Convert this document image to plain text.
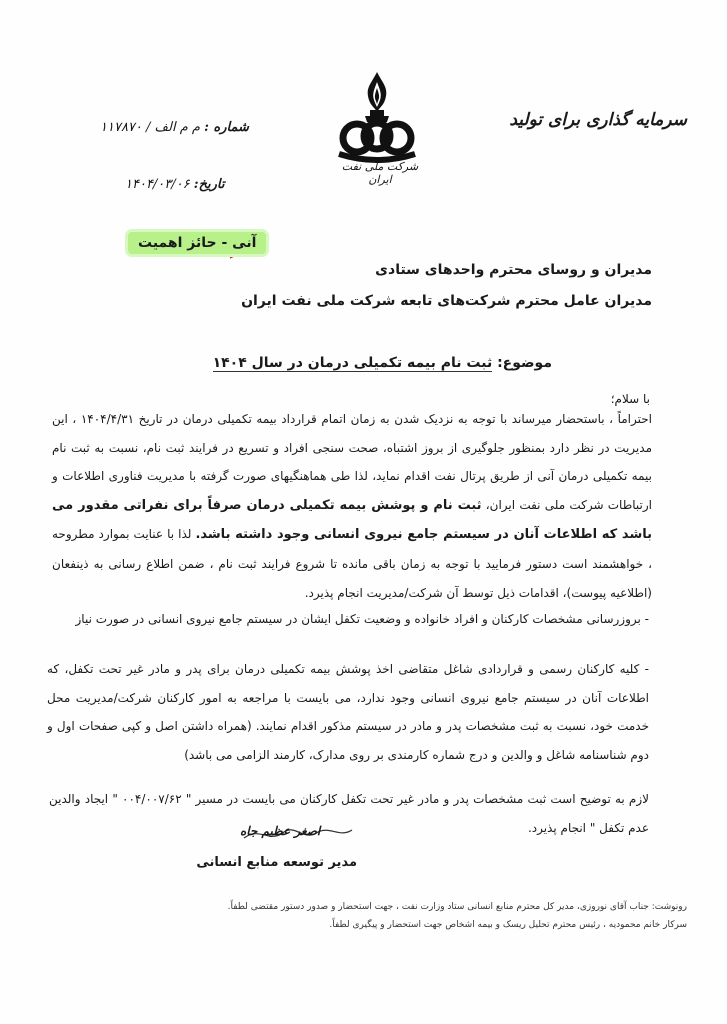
سرمایه گذاری برای تولید
شرکت ملی نفت ایران
شماره : م م الف / ۱۱۷۸۷۰
تاریخ: ۱۴۰۴/۰۳/۰۶
آنی - حائز اهمیت
مدیران و روسای محترم واحدهای ستادی
مدیران عامل محترم شرکت‌های تابعه شرکت ملی نفت ایران
موضوع: ثبت نام بیمه تکمیلی درمان در سال ۱۴۰۴
با سلام؛
احتراماً ، باستحضار میرساند با توجه به نزدیک شدن به زمان اتمام قرارداد بیمه تکمیلی درمان در تاریخ ۱۴۰۴/۴/۳۱ ، این مدیریت در نظر دارد بمنظور جلوگیری از بروز اشتباه، صحت سنجی افراد و تسریع در فرایند ثبت نام، نسبت به ثبت نام بیمه تکمیلی درمان آنی از طریق پرتال نفت اقدام نماید، لذا طی هماهنگیهای صورت گرفته با مدیریت فناوری اطلاعات و ارتباطات شرکت ملی نفت ایران، ثبت نام و پوشش بیمه تکمیلی درمان صرفاً برای نفراتی مقدور می باشد که اطلاعات آنان در سیستم جامع نیروی انسانی وجود داشته باشد. لذا با عنایت بموارد مطروحه ، خواهشمند است دستور فرمایید با توجه به زمان باقی مانده تا شروع فرایند ثبت نام ، ضمن اطلاع رسانی به ذینفعان (اطلاعیه پیوست)، اقدامات ذیل توسط آن شرکت/مدیریت انجام پذیرد.
- بروزرسانی مشخصات کارکنان و افراد خانواده و وضعیت تکفل ایشان در سیستم جامع نیروی انسانی در صورت نیاز
- کلیه کارکنان رسمی و قراردادی شاغل متقاضی اخذ پوشش بیمه تکمیلی درمان برای پدر و مادر غیر تحت تکفل، که اطلاعات آنان در سیستم جامع نیروی انسانی وجود ندارد، می بایست با مراجعه به امور کارکنان شرکت/مدیریت محل خدمت خود، نسبت به ثبت مشخصات پدر و مادر در سیستم مذکور اقدام نمایند. (همراه داشتن اصل و کپی صفحات اول و دوم شناسنامه شاغل و والدین و درج شماره کارمندی بر روی مدارک، کارمند الزامی می باشد)
لازم به توضیح است ثبت مشخصات پدر و مادر غیر تحت تکفل کارکنان می بایست در مسیر " ۰۰۴/۰۰۷/۶۲ " ایجاد والدین عدم تکفل " انجام پذیرد.
اصغر عظیم جاه
مدیر توسعه منابع انسانی
رونوشت: جناب آقای نوروزی، مدیر کل محترم منابع انسانی ستاد وزارت نفت ، جهت استحضار و صدور دستور مقتضی لطفاً.
سرکار خانم محمودیه ، رئیس محترم تحلیل ریسک و بیمه اشخاص جهت استحضار و پیگیری لطفاً.
